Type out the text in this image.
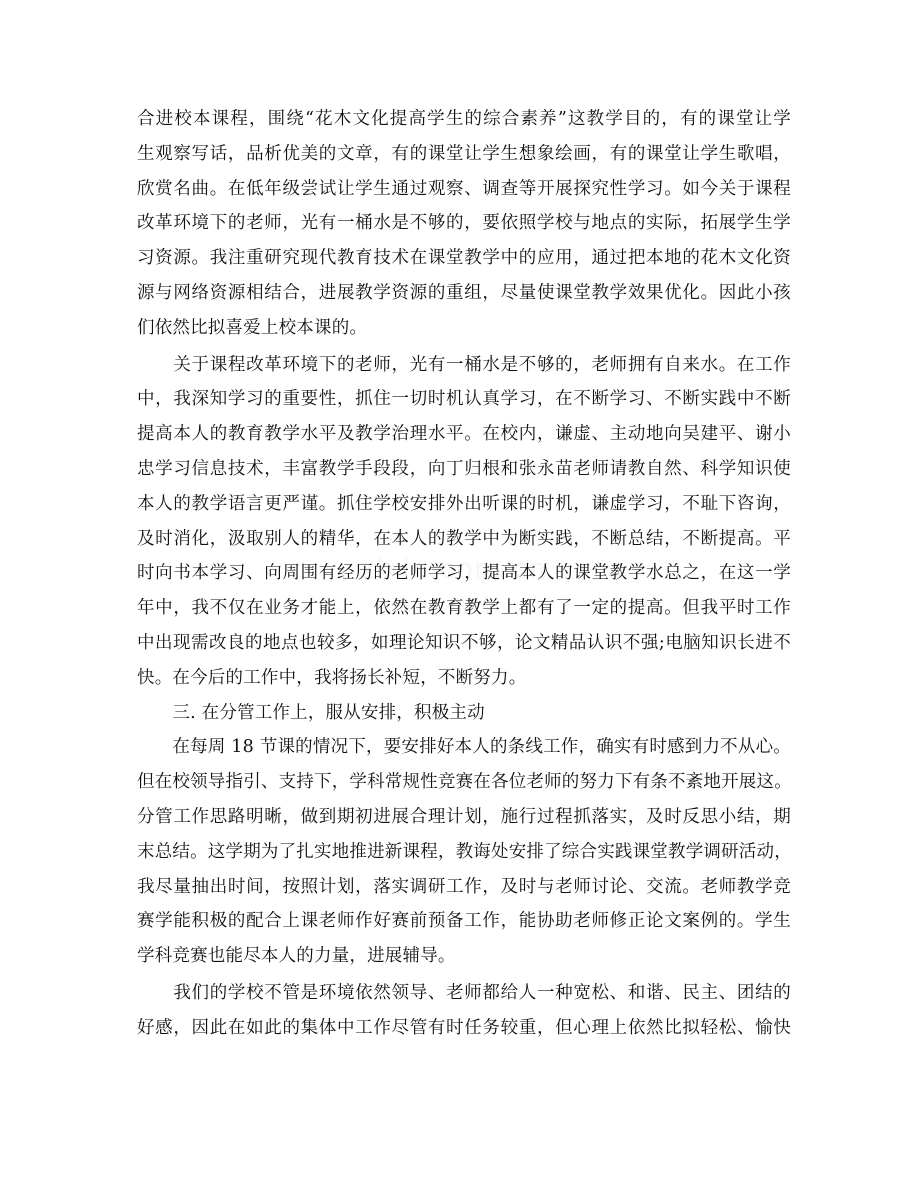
合进校本课程，围绕“花木文化提高学生的综合素养”这教学目的，有的课堂让学
生观察写话，品析优美的文章，有的课堂让学生想象绘画，有的课堂让学生歌唱，
欣赏名曲。在低年级尝试让学生通过观察、调查等开展探究性学习。如今关于课程
改革环境下的老师，光有一桶水是不够的，要依照学校与地点的实际，拓展学生学
习资源。我注重研究现代教育技术在课堂教学中的应用，通过把本地的花木文化资
源与网络资源相结合，进展教学资源的重组，尽量使课堂教学效果优化。因此小孩
们依然比拟喜爱上校本课的。
　　关于课程改革环境下的老师，光有一桶水是不够的，老师拥有自来水。在工作
中，我深知学习的重要性，抓住一切时机认真学习，在不断学习、不断实践中不断
提高本人的教育教学水平及教学治理水平。在校内，谦虚、主动地向吴建平、谢小
忠学习信息技术，丰富教学手段段，向丁归根和张永苗老师请教自然、科学知识使
本人的教学语言更严谨。抓住学校安排外出听课的时机，谦虚学习，不耻下咨询，
及时消化，汲取别人的精华，在本人的教学中为断实践，不断总结，不断提高。平
时向书本学习、向周围有经历的老师学习，提高本人的课堂教学水总之，在这一学
年中，我不仅在业务才能上，依然在教育教学上都有了一定的提高。但我平时工作
中出现需改良的地点也较多，如理论知识不够，论文精品认识不强;电脑知识长进不
快。在今后的工作中，我将扬长补短，不断努力。
　　三. 在分管工作上，服从安排，积极主动
　　在每周 18 节课的情况下，要安排好本人的条线工作，确实有时感到力不从心。
但在校领导指引、支持下，学科常规性竞赛在各位老师的努力下有条不紊地开展这。
分管工作思路明晰，做到期初进展合理计划，施行过程抓落实，及时反思小结，期
末总结。这学期为了扎实地推进新课程，教诲处安排了综合实践课堂教学调研活动，
我尽量抽出时间，按照计划，落实调研工作，及时与老师讨论、交流。老师教学竞
赛学能积极的配合上课老师作好赛前预备工作，能协助老师修正论文案例的。学生
学科竞赛也能尽本人的力量，进展辅导。
　　我们的学校不管是环境依然领导、老师都给人一种宽松、和谐、民主、团结的
好感，因此在如此的集体中工作尽管有时任务较重，但心理上依然比拟轻松、愉快
